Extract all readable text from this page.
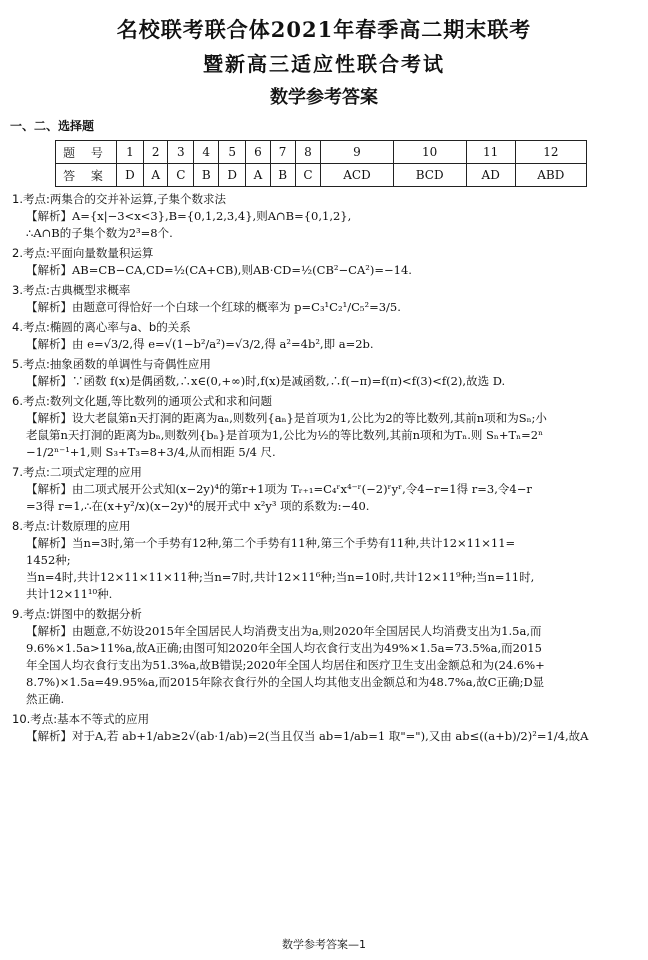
名校联考联合体2021年春季高二期末联考
暨新高三适应性联合考试
数学参考答案
一、二、选择题
题 号	1	2	3	4	5	6	7	8	9	10	11	12
答 案	D	A	C	B	D	A	B	C	ACD	BCD	AD	ABD
1.考点:两集合的交并补运算,子集个数求法
【解析】A={x|−3<x<3},B={0,1,2,3,4},则A∩B={0,1,2},
∴A∩B的子集个数为2³=8个.
2.考点:平面向量数量积运算
【解析】AB=CB−CA,CD=½(CA+CB),则AB·CD=½(CB²−CA²)=−14.
3.考点:古典概型求概率
【解析】由题意可得恰好一个白球一个红球的概率为 p=C₃¹C₂¹/C₅²=3/5.
4.考点:椭圆的离心率与a、b的关系
【解析】由 e=√3/2,得 e=√(1−b²/a²)=√3/2,得 a²=4b²,即 a=2b.
5.考点:抽象函数的单调性与奇偶性应用
【解析】∵函数 f(x)是偶函数,∴x∈(0,+∞)时,f(x)是减函数,∴f(−π)=f(π)<f(3)<f(2),故选 D.
6.考点:数列文化题,等比数列的通项公式和求和问题
【解析】设大老鼠第n天打洞的距离为aₙ,则数列{aₙ}是首项为1,公比为2的等比数列,其前n项和为Sₙ;小
老鼠第n天打洞的距离为bₙ,则数列{bₙ}是首项为1,公比为½的等比数列,其前n项和为Tₙ.则 Sₙ+Tₙ=2ⁿ
−1/2ⁿ⁻¹+1,则 S₃+T₃=8+3/4,从而相距 5/4 尺.
7.考点:二项式定理的应用
【解析】由二项式展开公式知(x−2y)⁴的第r+1项为 Tᵣ₊₁=C₄ʳx⁴⁻ʳ(−2)ʳyʳ,令4−r=1得 r=3,令4−r
=3得 r=1,∴在(x+y²/x)(x−2y)⁴的展开式中 x²y³ 项的系数为:−40.
8.考点:计数原理的应用
【解析】当n=3时,第一个手势有12种,第二个手势有11种,第三个手势有11种,共计12×11×11=
1452种;
当n=4时,共计12×11×11×11种;当n=7时,共计12×11⁶种;当n=10时,共计12×11⁹种;当n=11时,
共计12×11¹⁰种.
9.考点:饼图中的数据分析
【解析】由题意,不妨设2015年全国居民人均消费支出为a,则2020年全国居民人均消费支出为1.5a,而
9.6%×1.5a>11%a,故A正确;由图可知2020年全国人均衣食行支出为49%×1.5a=73.5%a,而2015
年全国人均衣食行支出为51.3%a,故B错误;2020年全国人均居住和医疗卫生支出金额总和为(24.6%+
8.7%)×1.5a=49.95%a,而2015年除衣食行外的全国人均其他支出金额总和为48.7%a,故C正确;D显
然正确.
10.考点:基本不等式的应用
【解析】对于A,若 ab+1/ab≥2√(ab·1/ab)=2(当且仅当 ab=1/ab=1 取"="),又由 ab≤((a+b)/2)²=1/4,故A
数学参考答案—1
